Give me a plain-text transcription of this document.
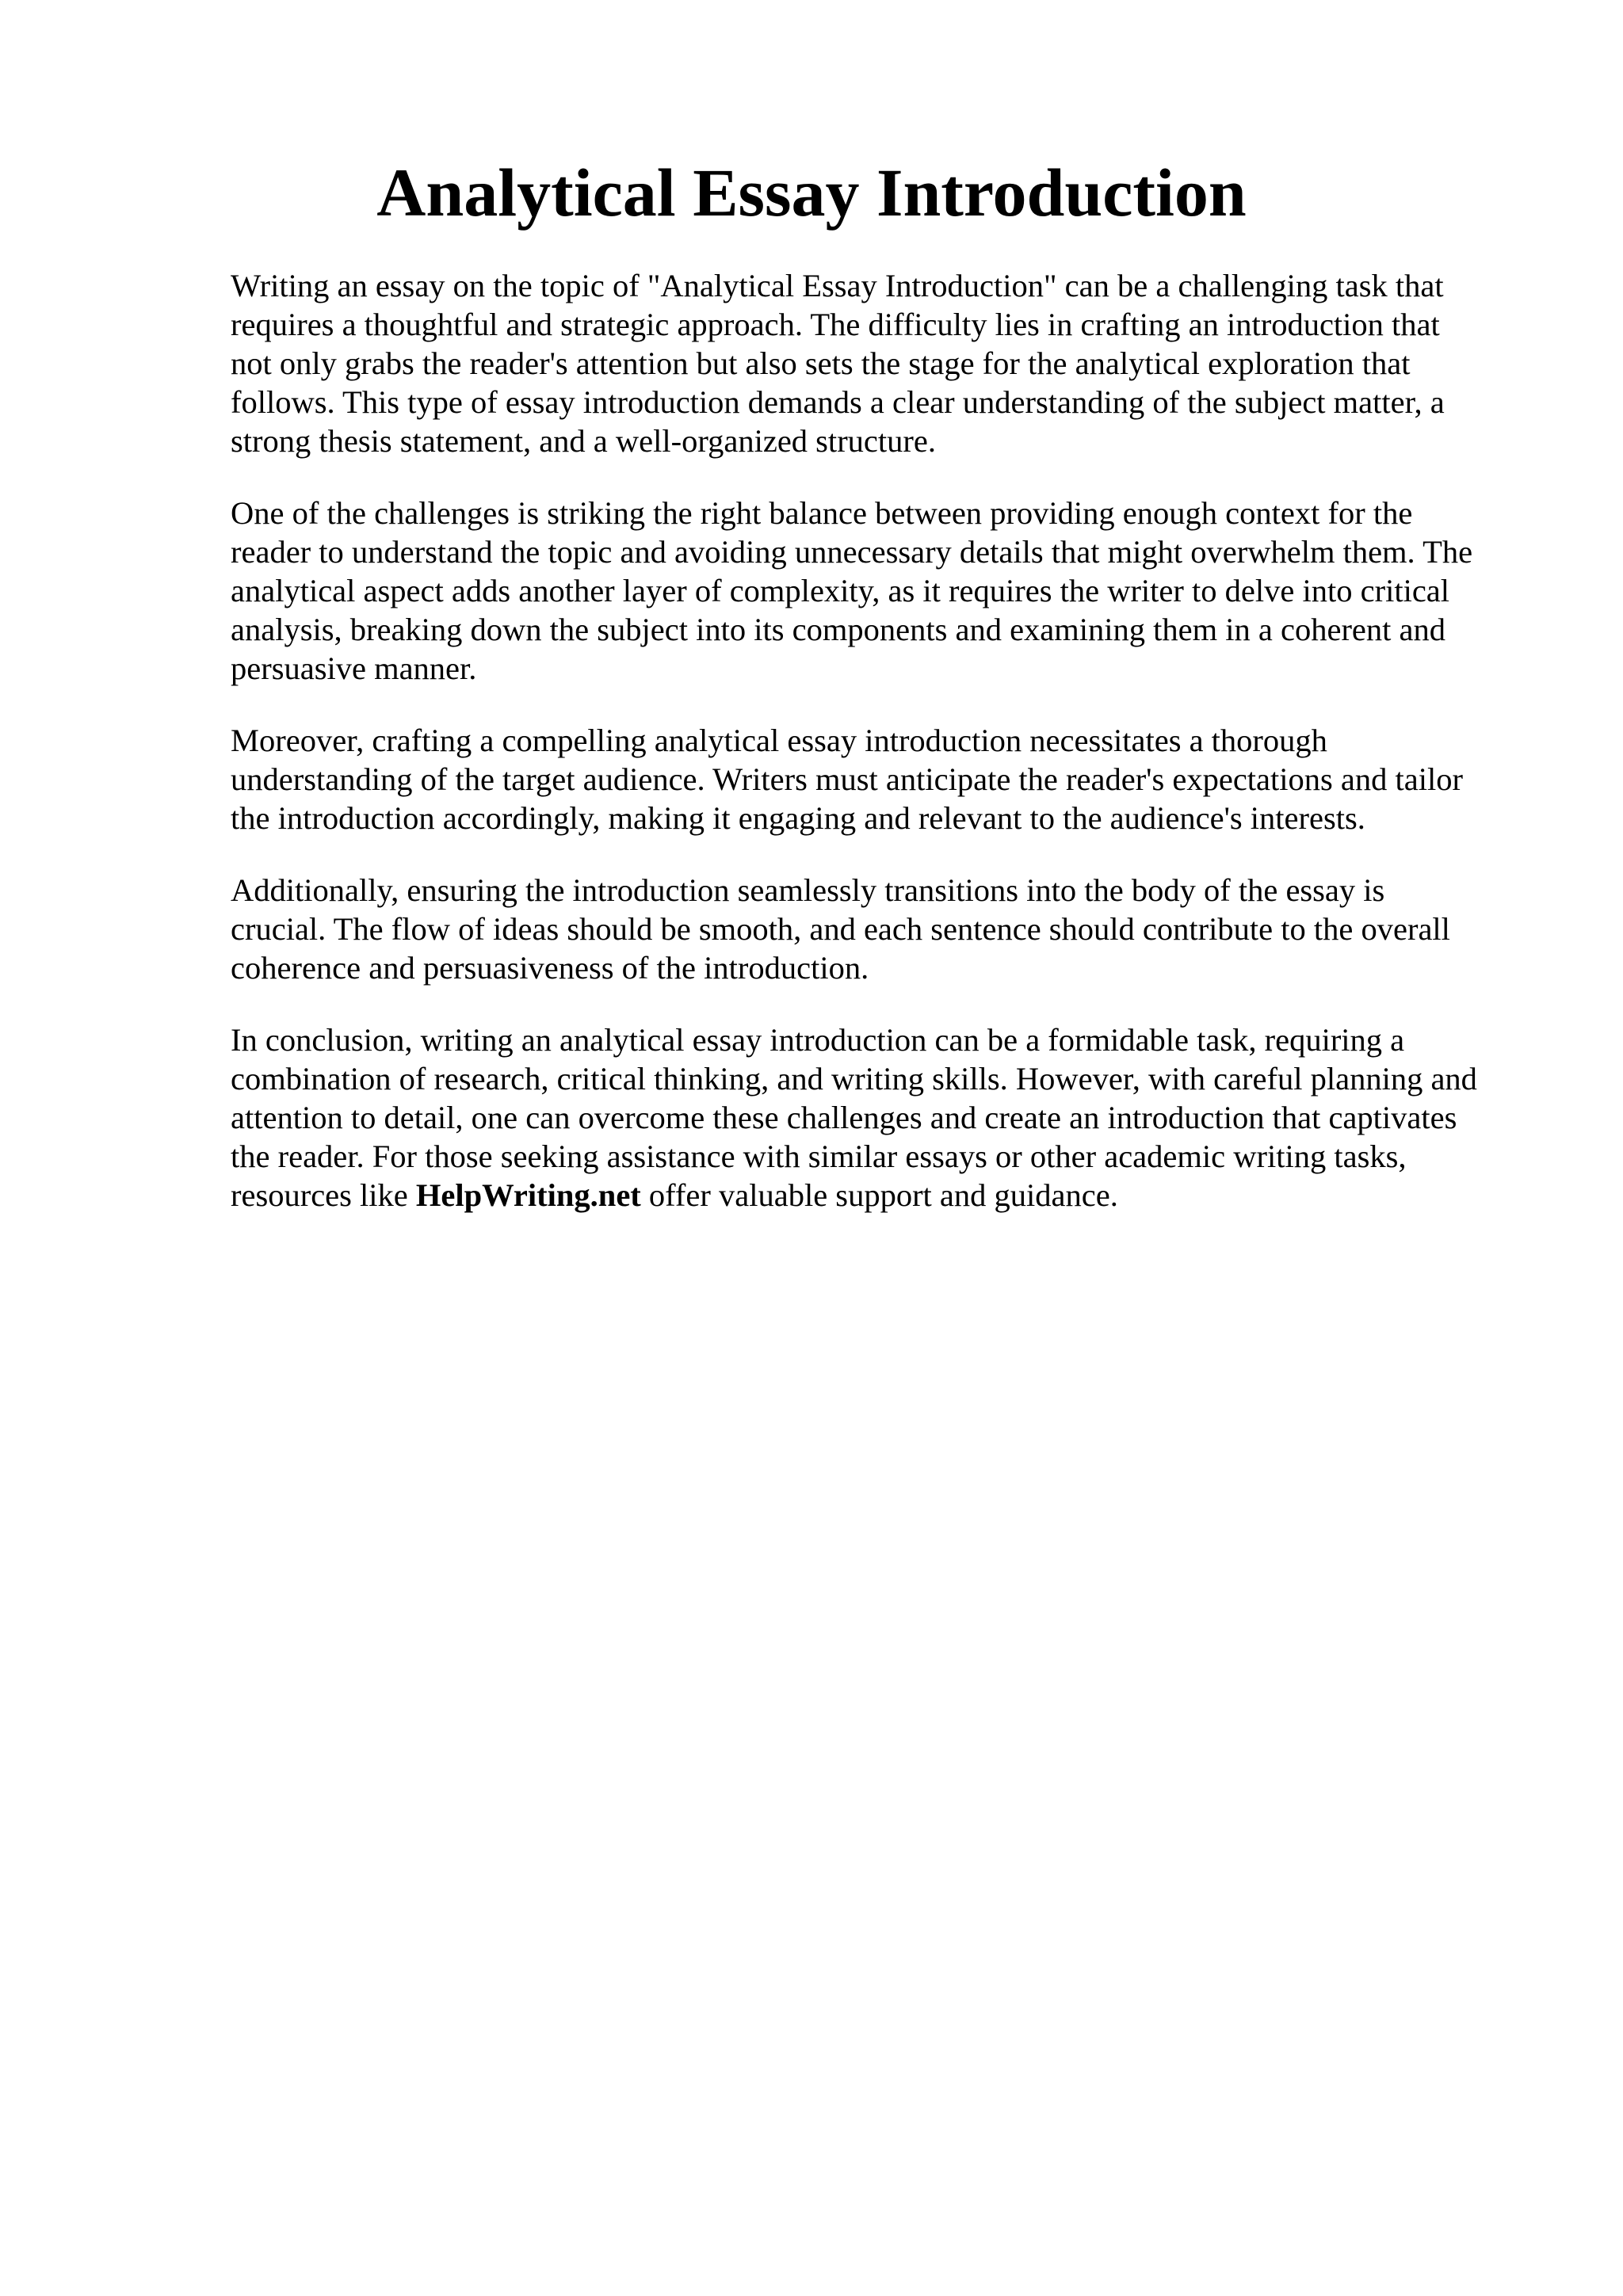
Analytical Essay Introduction

Writing an essay on the topic of "Analytical Essay Introduction" can be a challenging task that
requires a thoughtful and strategic approach. The difficulty lies in crafting an introduction that
not only grabs the reader's attention but also sets the stage for the analytical exploration that
follows. This type of essay introduction demands a clear understanding of the subject matter, a
strong thesis statement, and a well-organized structure.

One of the challenges is striking the right balance between providing enough context for the
reader to understand the topic and avoiding unnecessary details that might overwhelm them. The
analytical aspect adds another layer of complexity, as it requires the writer to delve into critical
analysis, breaking down the subject into its components and examining them in a coherent and
persuasive manner.

Moreover, crafting a compelling analytical essay introduction necessitates a thorough
understanding of the target audience. Writers must anticipate the reader's expectations and tailor
the introduction accordingly, making it engaging and relevant to the audience's interests.

Additionally, ensuring the introduction seamlessly transitions into the body of the essay is
crucial. The flow of ideas should be smooth, and each sentence should contribute to the overall
coherence and persuasiveness of the introduction.

In conclusion, writing an analytical essay introduction can be a formidable task, requiring a
combination of research, critical thinking, and writing skills. However, with careful planning and
attention to detail, one can overcome these challenges and create an introduction that captivates
the reader. For those seeking assistance with similar essays or other academic writing tasks,
resources like HelpWriting.net offer valuable support and guidance.
